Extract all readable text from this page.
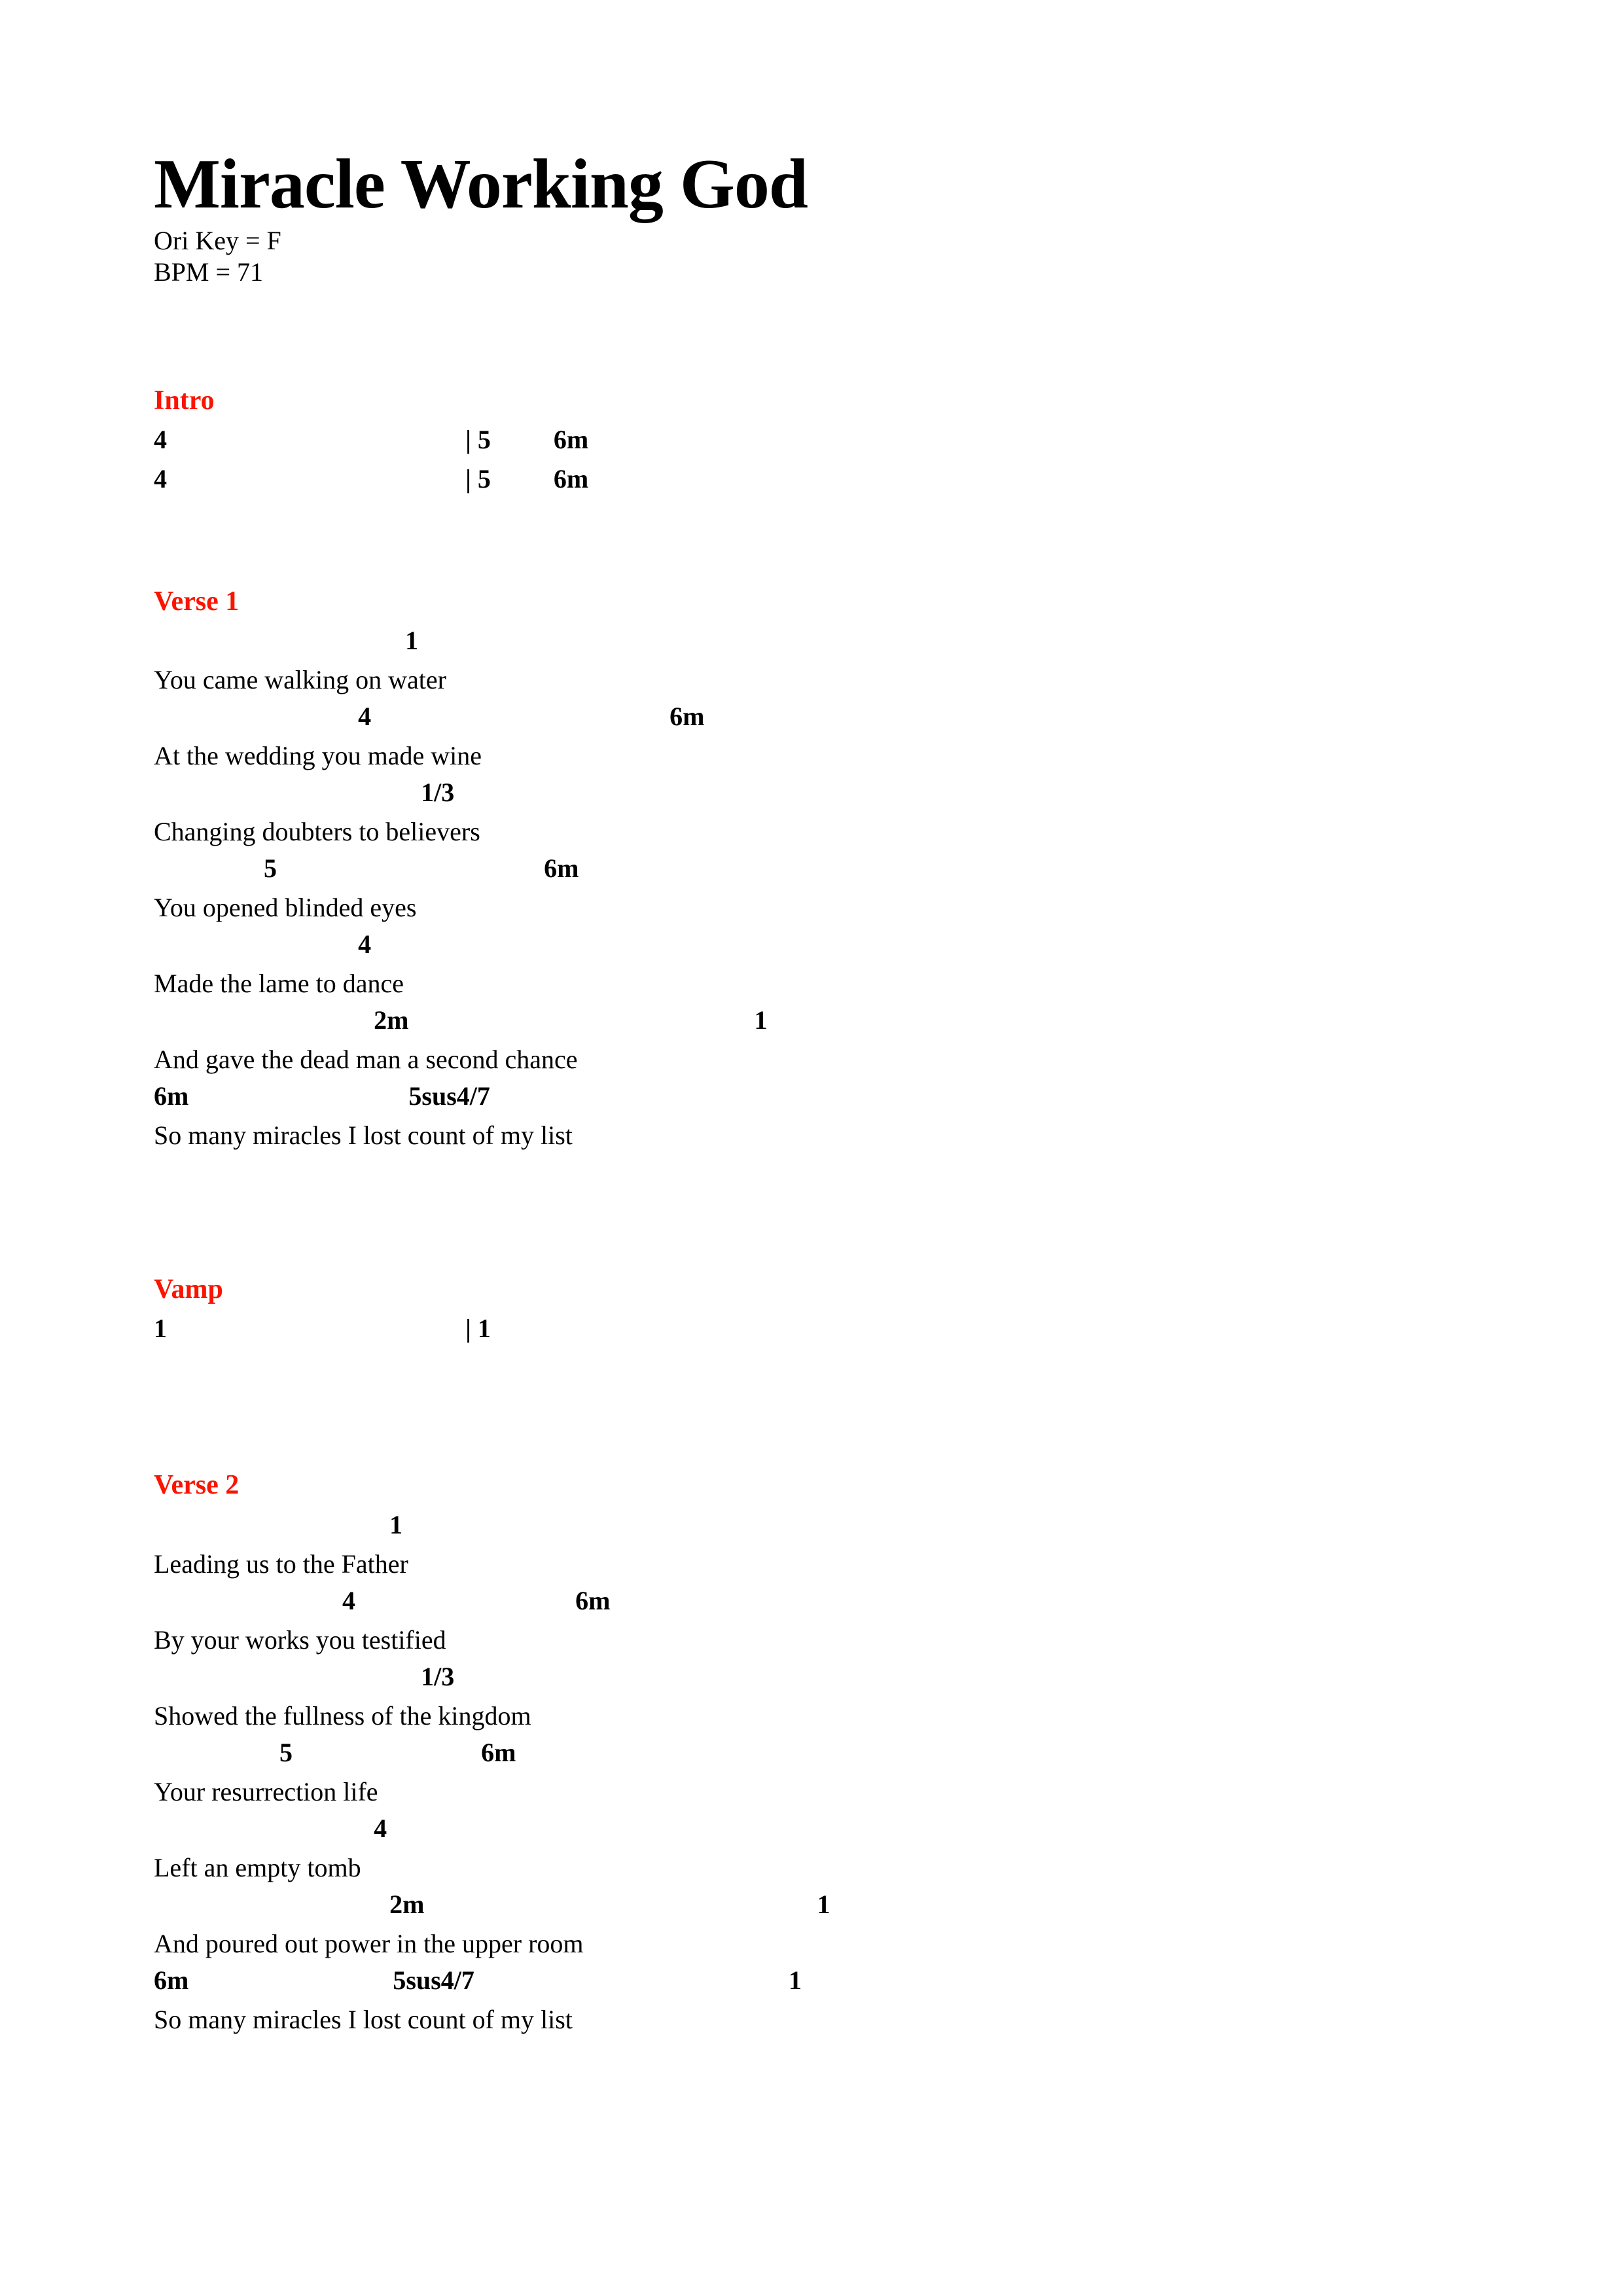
Miracle Working God

Ori Key = F

BPM = 71

Intro
4	| 5 6m
4	| 5 6m
Verse 1
1
You came walking on water
4	6m
At the wedding you made wine
1/3
Changing doubters to believers
5	6m
You opened blinded eyes
4
Made the lame to dance
2m	1
And gave the dead man a second chance
6m	5sus4/7
So many miracles I lost count of my list
Vamp
1	| 1
Verse 2
1
Leading us to the Father
4	6m
By your works you testified
1/3
Showed the fullness of the kingdom
5	6m
Your resurrection life
4
Left an empty tomb
2m	1
And poured out power in the upper room
6m	5sus4/7	1
So many miracles I lost count of my list
